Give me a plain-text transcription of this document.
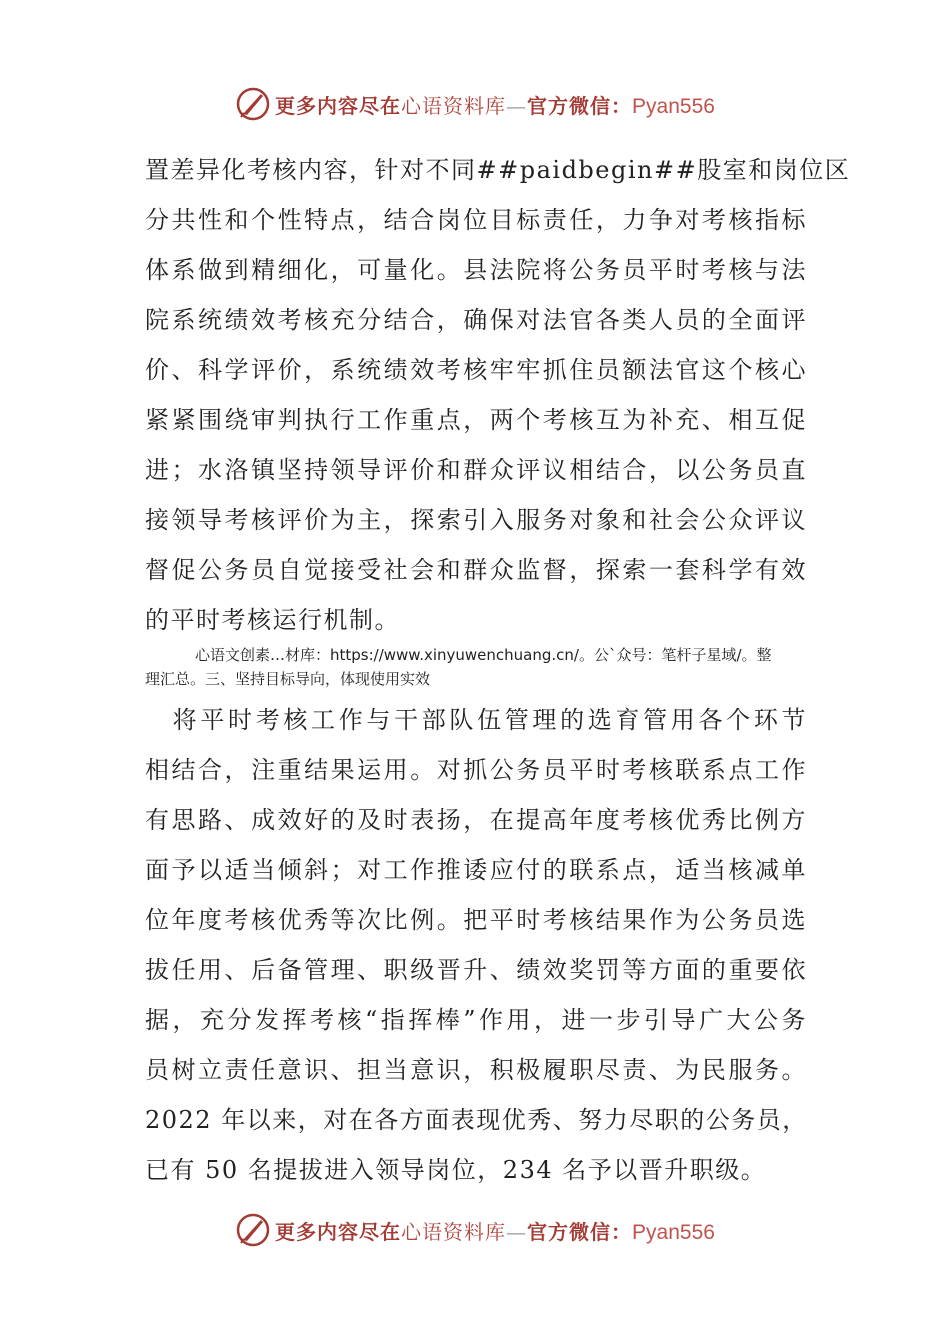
更多内容尽在心语资料库—官方微信：Pyan556
置差异化考核内容，针对不同##paidbegin##股室和岗位区
分共性和个性特点，结合岗位目标责任，力争对考核指标
体系做到精细化，可量化。县法院将公务员平时考核与法
院系统绩效考核充分结合，确保对法官各类人员的全面评
价、科学评价，系统绩效考核牢牢抓住员额法官这个核心
紧紧围绕审判执行工作重点，两个考核互为补充、相互促
进；水洛镇坚持领导评价和群众评议相结合，以公务员直
接领导考核评价为主，探索引入服务对象和社会公众评议
督促公务员自觉接受社会和群众监督，探索一套科学有效
的平时考核运行机制。
心语文创素…材库：https://www.xinyuwenchuang.cn/。公`众号：笔杆子星域/。整
理汇总。三、坚持目标导向，体现使用实效
　将平时考核工作与干部队伍管理的选育管用各个环节
相结合，注重结果运用。对抓公务员平时考核联系点工作
有思路、成效好的及时表扬，在提高年度考核优秀比例方
面予以适当倾斜；对工作推诿应付的联系点，适当核减单
位年度考核优秀等次比例。把平时考核结果作为公务员选
拔任用、后备管理、职级晋升、绩效奖罚等方面的重要依
据，充分发挥考核“指挥棒”作用，进一步引导广大公务
员树立责任意识、担当意识，积极履职尽责、为民服务。
2022 年以来，对在各方面表现优秀、努力尽职的公务员，
已有 50 名提拔进入领导岗位，234 名予以晋升职级。
更多内容尽在心语资料库—官方微信：Pyan556
